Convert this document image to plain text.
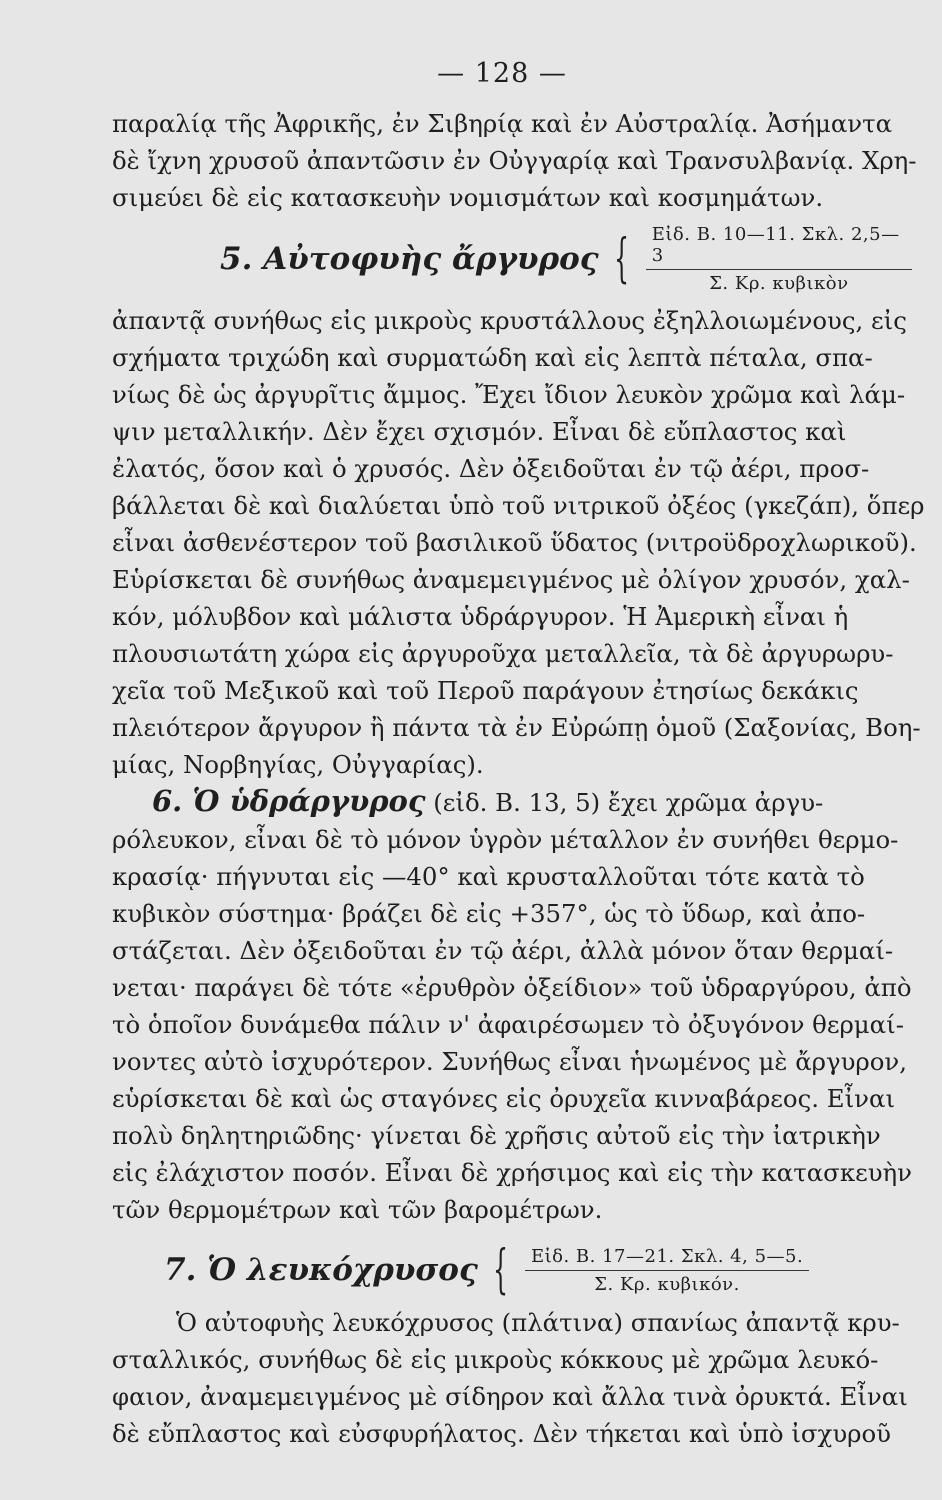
— 128 —

παραλίᾳ τῆς Ἀφρικῆς, ἐν Σιβηρίᾳ καὶ ἐν Αὐστραλίᾳ. Ἀσήμαντα
δὲ ἴχνη χρυσοῦ ἀπαντῶσιν ἐν Οὐγγαρίᾳ καὶ Τρανσυλβανίᾳ. Χρη-
σιμεύει δὲ εἰς κατασκευὴν νομισμάτων καὶ κοσμημάτων.

5. Αὐτοφυὴς ἄργυρος {	Εἰδ. Β. 10—11. Σκλ. 2,5—3
Σ. Κρ. κυβικὸν

ἀπαντᾷ συνήθως εἰς μικροὺς κρυστάλλους ἐξηλλοιωμένους, εἰς
σχήματα τριχώδη καὶ συρματώδη καὶ εἰς λεπτὰ πέταλα, σπα-
νίως δὲ ὡς ἀργυρῖτις ἄμμος. Ἔχει ἴδιον λευκὸν χρῶμα καὶ λάμ-
ψιν μεταλλικήν. Δὲν ἔχει σχισμόν. Εἶναι δὲ εὔπλαστος καὶ
ἐλατός, ὅσον καὶ ὁ χρυσός. Δὲν ὀξειδοῦται ἐν τῷ ἀέρι, προσ-
βάλλεται δὲ καὶ διαλύεται ὑπὸ τοῦ νιτρικοῦ ὀξέος (γκεζάπ), ὅπερ
εἶναι ἀσθενέστερον τοῦ βασιλικοῦ ὕδατος (νιτροϋδροχλωρικοῦ).
Εὑρίσκεται δὲ συνήθως ἀναμεμειγμένος μὲ ὀλίγον χρυσόν, χαλ-
κόν, μόλυβδον καὶ μάλιστα ὑδράργυρον. Ἡ Ἀμερικὴ εἶναι ἡ
πλουσιωτάτη χώρα εἰς ἀργυροῦχα μεταλλεῖα, τὰ δὲ ἀργυρωρυ-
χεῖα τοῦ Μεξικοῦ καὶ τοῦ Περοῦ παράγουν ἐτησίως δεκάκις
πλειότερον ἄργυρον ἢ πάντα τὰ ἐν Εὐρώπῃ ὁμοῦ (Σαξονίας, Βοη-
μίας, Νορβηγίας, Οὐγγαρίας).

6. Ὁ ὑδράργυρος (εἰδ. Β. 13, 5) ἔχει χρῶμα ἀργυ-
ρόλευκον, εἶναι δὲ τὸ μόνον ὑγρὸν μέταλλον ἐν συνήθει θερμο-
κρασίᾳ· πήγνυται εἰς —40° καὶ κρυσταλλοῦται τότε κατὰ τὸ
κυβικὸν σύστημα· βράζει δὲ εἰς +357°, ὡς τὸ ὕδωρ, καὶ ἀπο-
στάζεται. Δὲν ὀξειδοῦται ἐν τῷ ἀέρι, ἀλλὰ μόνον ὅταν θερμαί-
νεται· παράγει δὲ τότε «ἐρυθρὸν ὀξείδιον» τοῦ ὑδραργύρου, ἀπὸ
τὸ ὁποῖον δυνάμεθα πάλιν ν' ἀφαιρέσωμεν τὸ ὀξυγόνον θερμαί-
νοντες αὐτὸ ἰσχυρότερον. Συνήθως εἶναι ἡνωμένος μὲ ἄργυρον,
εὑρίσκεται δὲ καὶ ὡς σταγόνες εἰς ὀρυχεῖα κινναβάρεος. Εἶναι
πολὺ δηλητηριῶδης· γίνεται δὲ χρῆσις αὐτοῦ εἰς τὴν ἰατρικὴν
εἰς ἐλάχιστον ποσόν. Εἶναι δὲ χρήσιμος καὶ εἰς τὴν κατασκευὴν
τῶν θερμομέτρων καὶ τῶν βαρομέτρων.

7. Ὁ λευκόχρυσος {	Εἰδ. Β. 17—21. Σκλ. 4, 5—5.
Σ. Κρ. κυβικόν.

Ὁ αὐτοφυὴς λευκόχρυσος (πλάτινα) σπανίως ἀπαντᾷ κρυ-
σταλλικός, συνήθως δὲ εἰς μικροὺς κόκκους μὲ χρῶμα λευκό-
φαιον, ἀναμεμειγμένος μὲ σίδηρον καὶ ἄλλα τινὰ ὀρυκτά. Εἶναι
δὲ εὔπλαστος καὶ εὐσφυρήλατος. Δὲν τήκεται καὶ ὑπὸ ἰσχυροῦ
